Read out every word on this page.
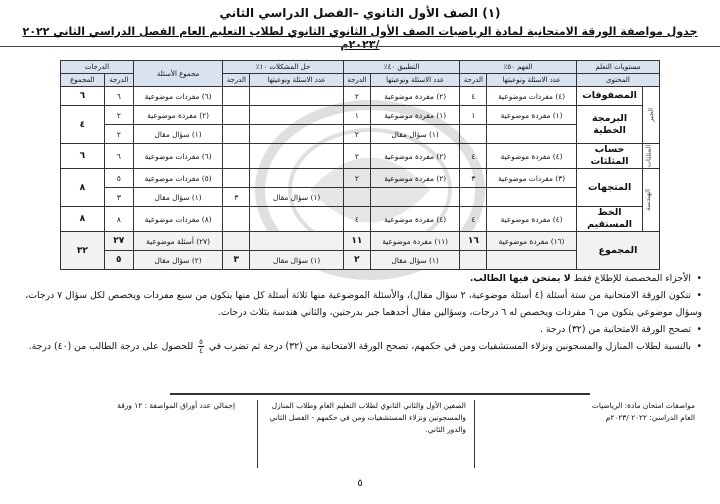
(١) الصف الأول الثانوي –الفصل الدراسي الثاني
جدول مواصفة الورقة الامتحانية لمادة الرياضيات الصف الأول الثانوي الثانوي لطلاب التعليم العام الفصل الدراسي الثاني ٢٠٢٢ /٢٠٢٣م
مستويات التعلم		الفهم ٥٠٪		التطبيق ٤٠٪		حل المشكلات ١٠٪		مجموع الأسئلة	الدرجات	
المحتوى		عدد الاسئلة ونوعيتها	الدرجة	عدد الاسئلة ونوعيتها	الدرجة	عدد الاسئلة ونوعيتها	الدرجة		الدرجة	المجموع
الجبر	المصفوفات	(٤) مفردات موضوعية	٤	(٢) مفردة موضوعية	٢			(٦) مفردات موضوعية	٦	٦
	البرمجة الخطية	(١) مفردة موضوعية	١	(١) مفردة موضوعية	١			(٢) مفردة موضوعية	٢	٤
				(١) سؤال مقال	٢			(١) سؤال مقال	٢	
المثلثات	حساب المثلثات	(٤) مفردة موضوعية	٤	(٢) مفردة موضوعية	٢			(٦) مفردات موضوعية	٦	٦
الهندسة	المتجهات	(٣) مفردات موضوعية	٣	(٢) مفردة موضوعية	٢			(٥) مفردات موضوعية	٥	٨
						(١) سؤال مقال	٣	(١) سؤال مقال	٣	
	الخط المستقيم	(٤) مفردة موضوعية	٤	(٤) مفردة موضوعية	٤			(٨) مفردات موضوعية	٨	٨
المجموع		(١٦) مفردة موضوعية	١٦	(١١) مفردة موضوعية	١١			(٢٧) أسئلة موضوعية	٢٧	٣٢
				(١) سؤال مقال	٢	(١) سؤال مقال	٣	(٢) سؤال مقال	٥	

•الأجزاء المخصصة للإطلاع فقط لا يمتحن فيها الطالب.

•تتكون الورقة الامتحانية من ستة أسئلة (٤ أسئلة موضوعية، ٢ سؤال مقال)، والأسئلة الموضوعية منها ثلاثة أسئلة كل منها يتكون من سبع مفردات ويخصص لكل سؤال ٧ درجات، وسؤال موضوعي يتكون من ٦ مفردات ويخصص له ٦ درجات، وسؤالين مقال أحدهما جبر بدرجتين، والثاني هندسة بثلاث درجات.

•تصحح الورقة الامتحانية من (٣٢) درجة .

•بالنسبة لطلاب المنازل والمسجونين ونزلاء المستشفيات ومن في حكمهم، تصحح الورقة الامتحانية من (٣٢) درجة ثم تضرب في
$\frac{٥}{٤}$ للحصول على درجة الطالب من (٤٠) درجة.

مواصفات امتحان مادة: الرياضيات
العام الدراسي: ٢٠٢٢ /٢٠٢٣م
الصفين الأول والثاني الثانوي لطلاب التعليم العام وطلاب المنازل والمسجونين ونزلاء المستشفيات ومن في حكمهم - الفصل الثاني والدور الثاني.
إجمالي عدد أوراق المواصفة : ١٢ ورقة
٥
